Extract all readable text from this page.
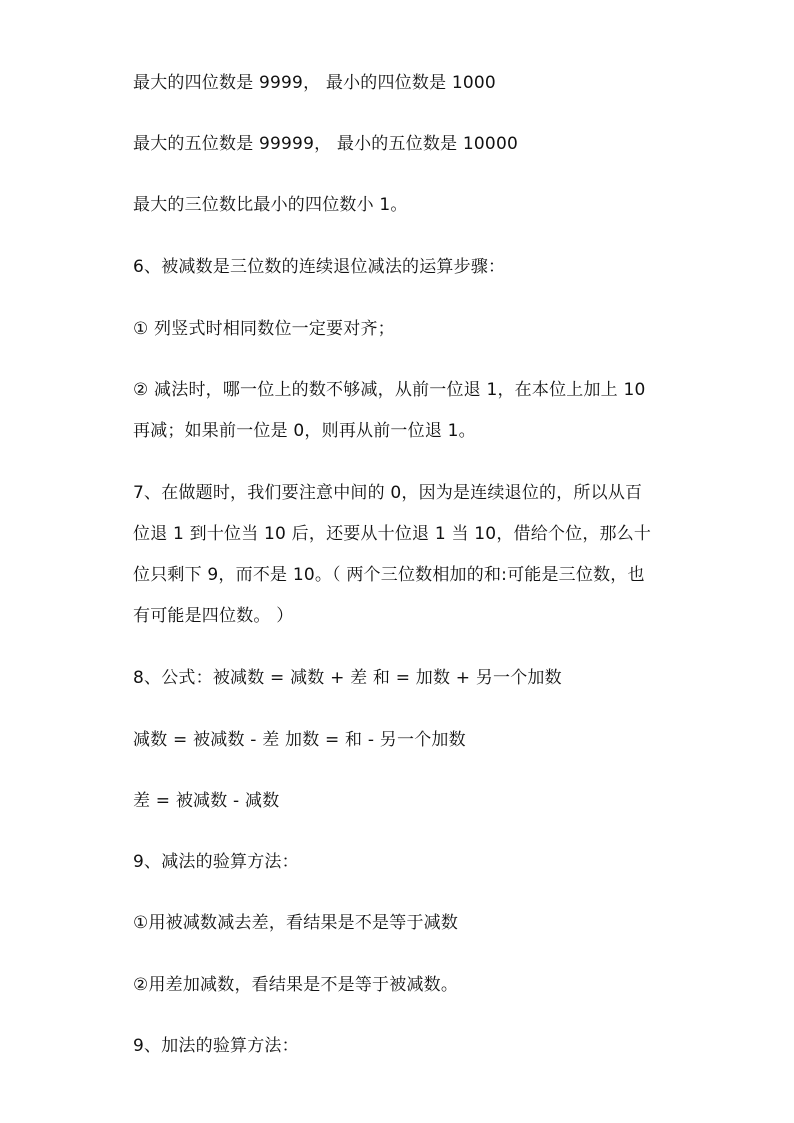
最大的四位数是 9999， 最小的四位数是 1000
最大的五位数是 99999， 最小的五位数是 10000
最大的三位数比最小的四位数小 1。
6、被减数是三位数的连续退位减法的运算步骤：
① 列竖式时相同数位一定要对齐；
② 减法时，哪一位上的数不够减，从前一位退 1，在本位上加上 10
再减；如果前一位是 0，则再从前一位退 1。
7、在做题时，我们要注意中间的 0，因为是连续退位的，所以从百
位退 1 到十位当 10 后，还要从十位退 1 当 10，借给个位，那么十
位只剩下 9，而不是 10。（ 两个三位数相加的和:可能是三位数，也
有可能是四位数。 ）
8、公式：被减数 = 减数 + 差 和 = 加数 + 另一个加数
减数 = 被减数 - 差 加数 = 和 - 另一个加数
差 = 被减数 - 减数
9、减法的验算方法：
①用被减数减去差，看结果是不是等于减数
②用差加减数，看结果是不是等于被减数。
9、加法的验算方法：
